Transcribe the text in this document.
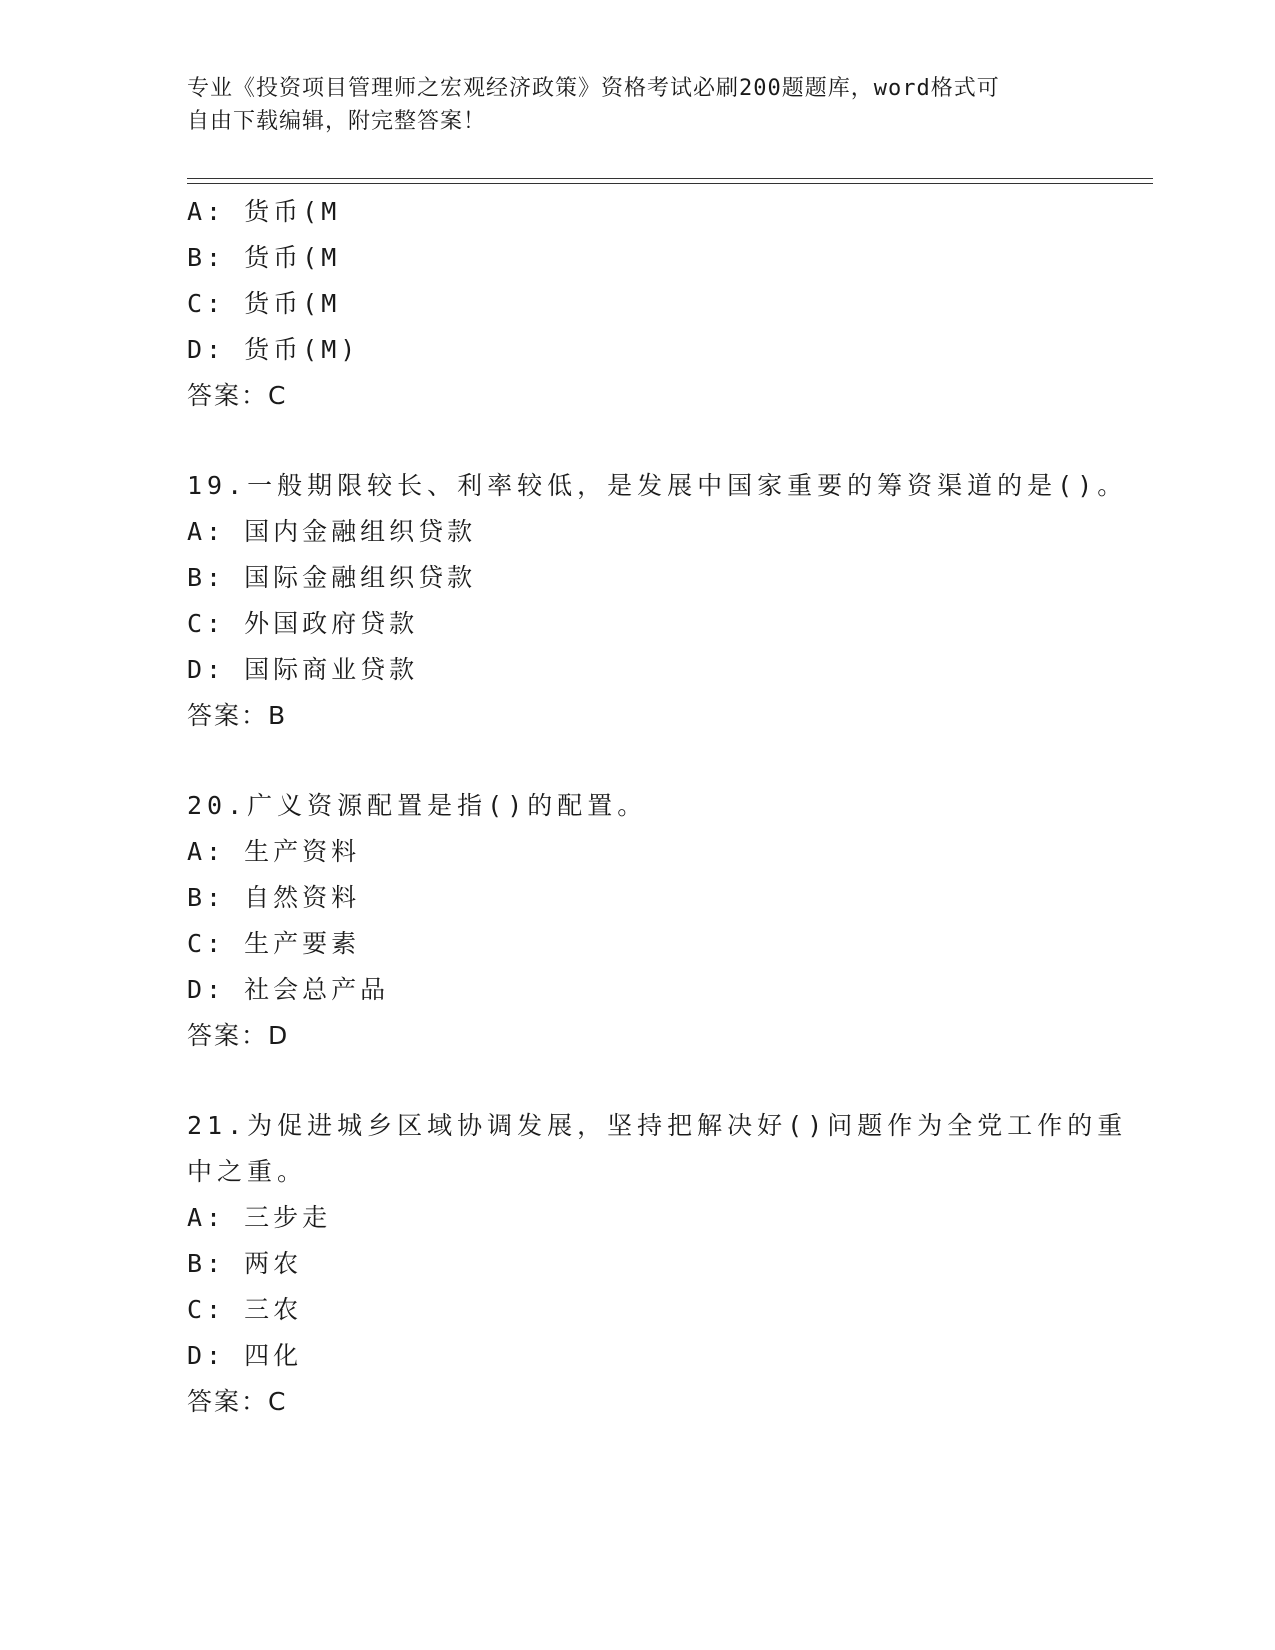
专业《投资项目管理师之宏观经济政策》资格考试必刷200题题库，word格式可
自由下载编辑，附完整答案！
A: 货币(M
B: 货币(M
C: 货币(M
D: 货币(M)
答案：C
19.一般期限较长、利率较低，是发展中国家重要的筹资渠道的是()。
A: 国内金融组织贷款
B: 国际金融组织贷款
C: 外国政府贷款
D: 国际商业贷款
答案：B
20.广义资源配置是指()的配置。
A: 生产资料
B: 自然资料
C: 生产要素
D: 社会总产品
答案：D
21.为促进城乡区域协调发展，坚持把解决好()问题作为全党工作的重
中之重。
A: 三步走
B: 两农
C: 三农
D: 四化
答案：C
